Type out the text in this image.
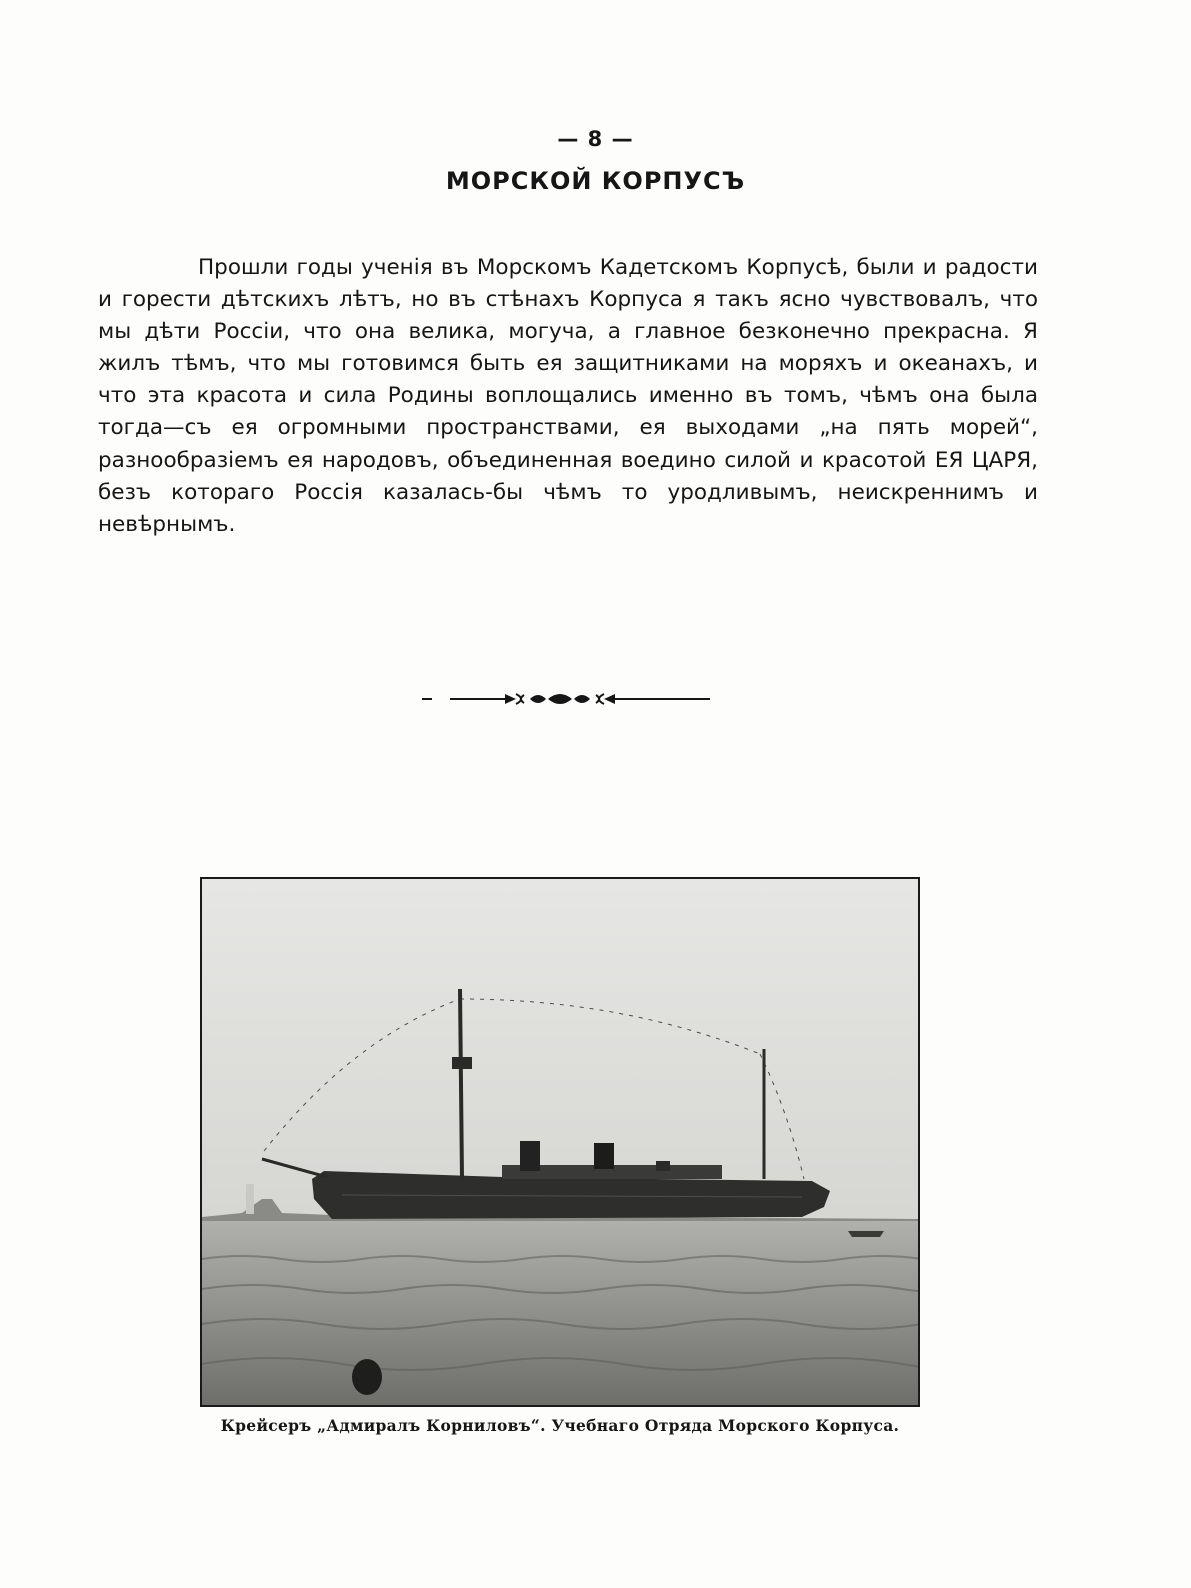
— 8 —
МОРСКОЙ КОРПУСЪ

Прошли годы ученія въ Морскомъ Кадетскомъ Корпусѣ, были и радости и горести дѣтскихъ лѣтъ, но въ стѣнахъ Корпуса я такъ ясно чувствовалъ, что мы дѣти Россіи, что она велика, могуча, а главное безконечно прекрасна. Я жилъ тѣмъ, что мы готовимся быть ея защитниками на моряхъ и океанахъ, и что эта красота и сила Родины воплощались именно въ томъ, чѣмъ она была тогда—съ ея огромными пространствами, ея выходами „на пять морей“, разнообразіемъ ея народовъ, объединенная воедино силой и красотой ЕЯ ЦАРЯ, безъ котораго Россія казалась-бы чѣмъ то уродливымъ, неискреннимъ и невѣрнымъ.

Крейсеръ „Адмиралъ Корниловъ“. Учебнаго Отряда Морского Корпуса.
